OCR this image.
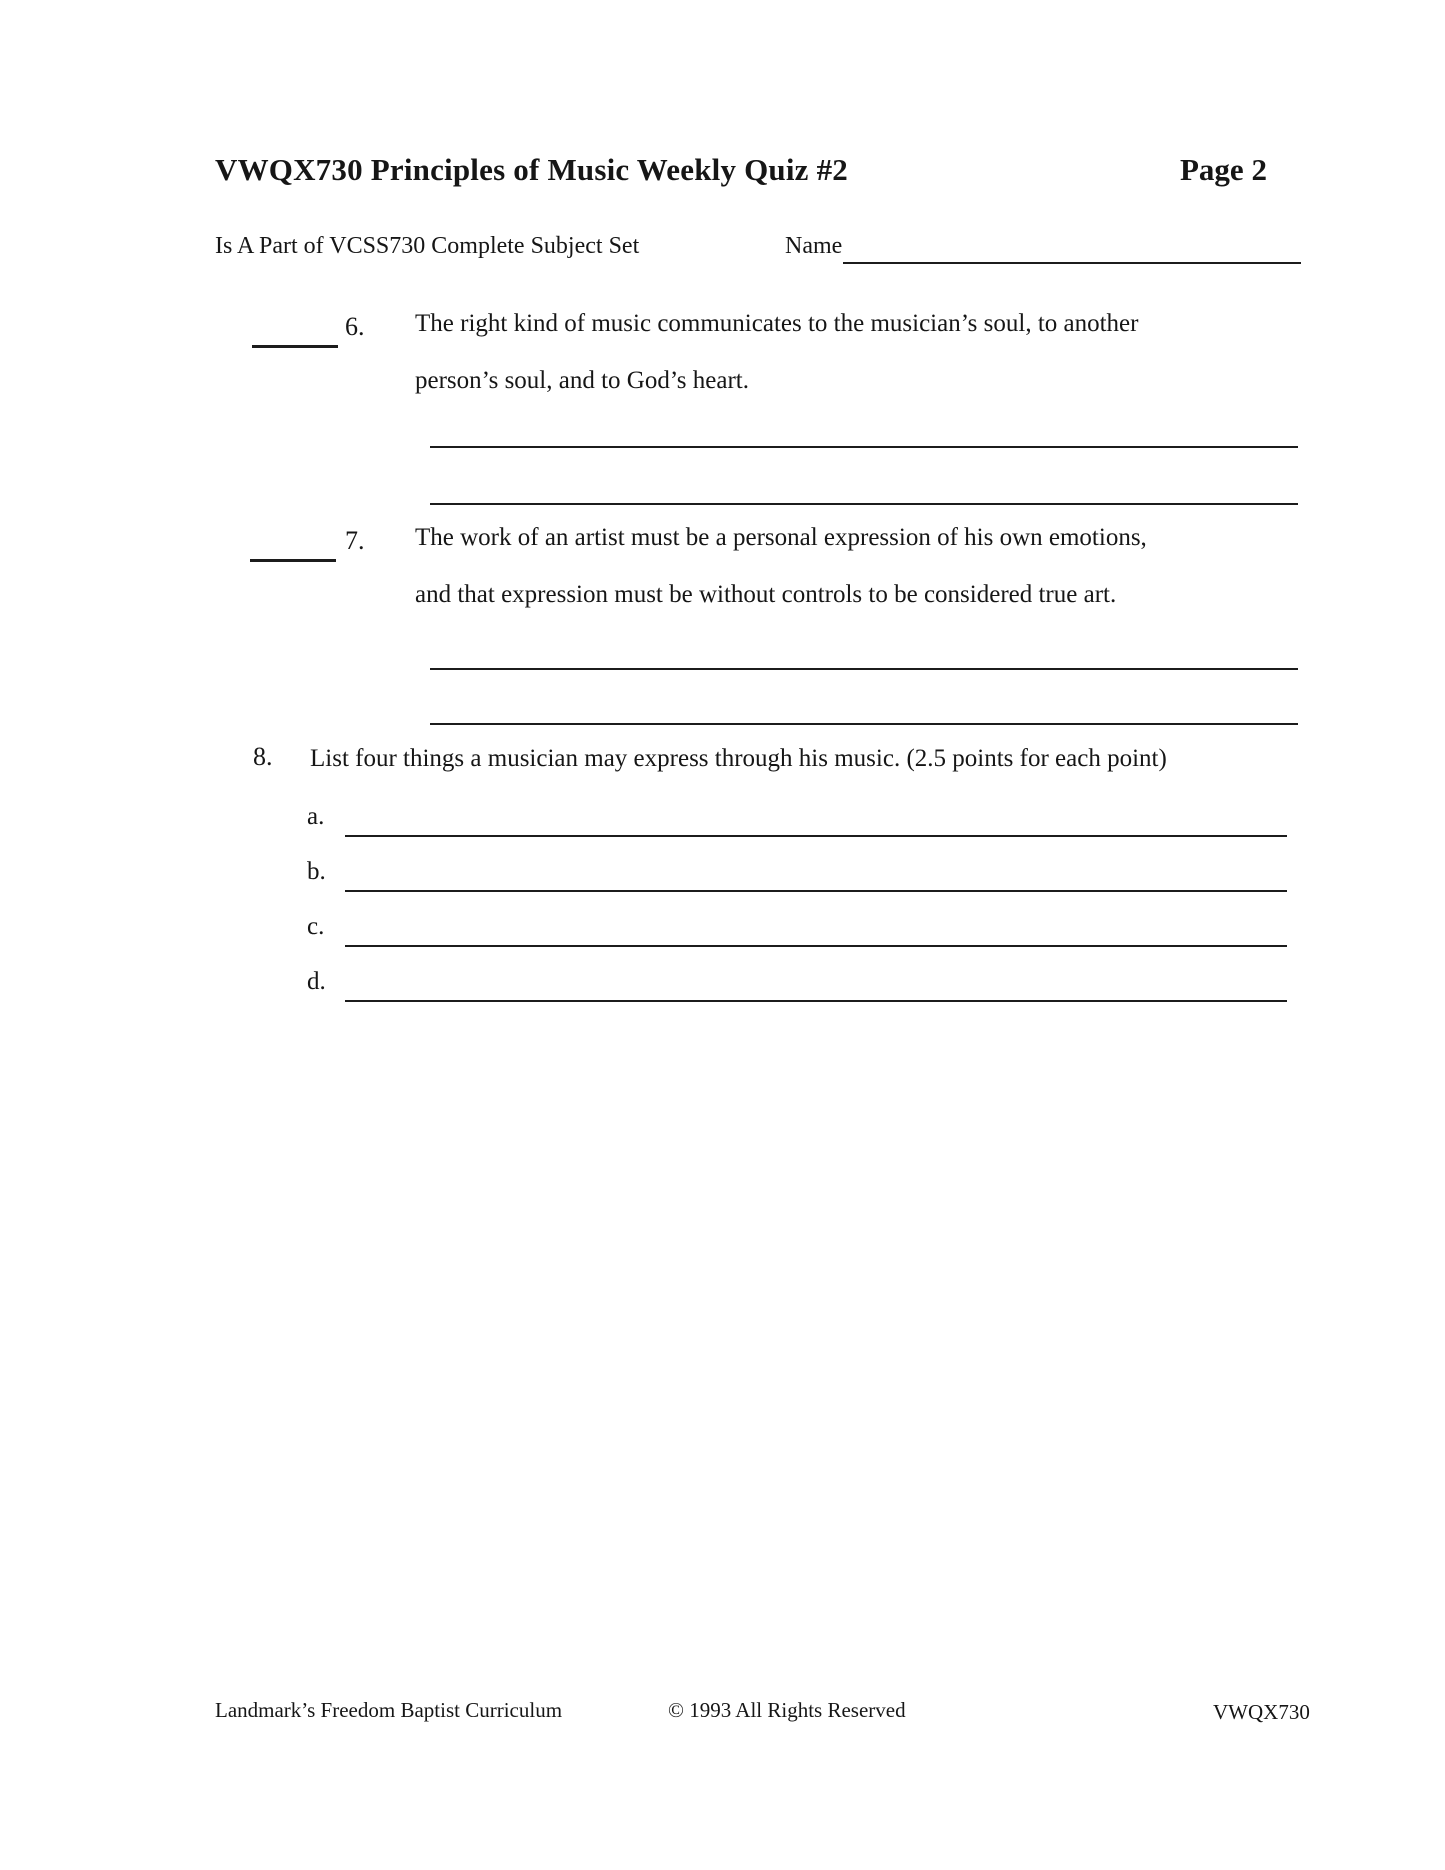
VWQX730 Principles of Music Weekly Quiz #2	Page 2
Is A Part of VCSS730 Complete Subject Set	Name
6. The right kind of music communicates to the musician’s soul, to another
person’s soul, and to God’s heart.
7. The work of an artist must be a personal expression of his own emotions,
and that expression must be without controls to be considered true art.
8. List four things a musician may express through his music. (2.5 points for each point)
a.
b.
c.
d.
Landmark’s Freedom Baptist Curriculum	© 1993 All Rights Reserved	VWQX730
